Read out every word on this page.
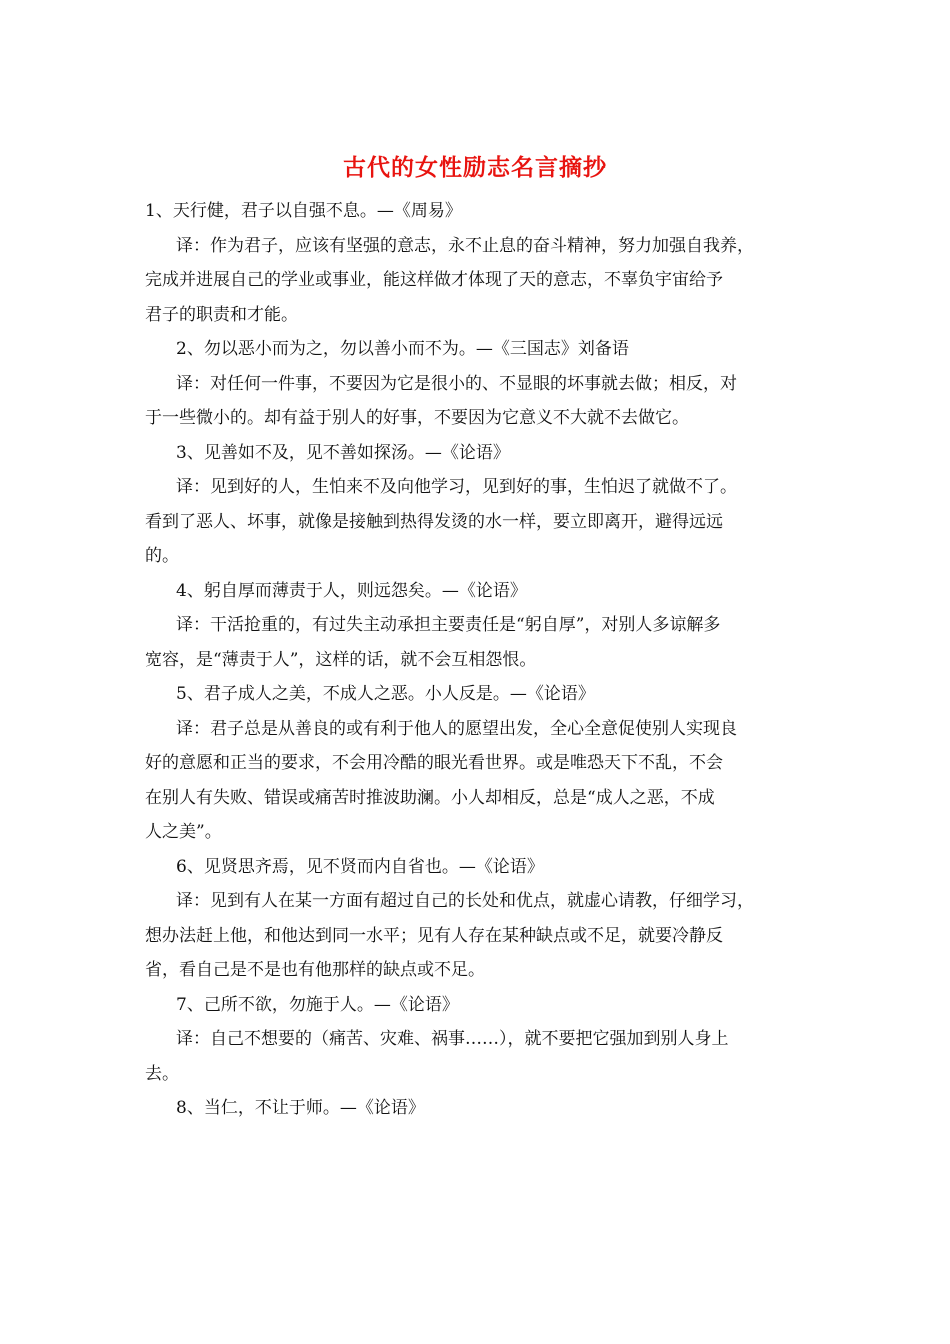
古代的女性励志名言摘抄
1、天行健，君子以自强不息。—《周易》
译：作为君子，应该有坚强的意志，永不止息的奋斗精神，努力加强自我养，
完成并进展自己的学业或事业，能这样做才体现了天的意志，不辜负宇宙给予
君子的职责和才能。
2、勿以恶小而为之，勿以善小而不为。—《三国志》刘备语
译：对任何一件事，不要因为它是很小的、不显眼的坏事就去做；相反，对
于一些微小的。却有益于别人的好事，不要因为它意义不大就不去做它。
3、见善如不及，见不善如探汤。—《论语》
译：见到好的人，生怕来不及向他学习，见到好的事，生怕迟了就做不了。
看到了恶人、坏事，就像是接触到热得发烫的水一样，要立即离开，避得远远
的。
4、躬自厚而薄责于人，则远怨矣。—《论语》
译：干活抢重的，有过失主动承担主要责任是“躬自厚”，对别人多谅解多
宽容，是“薄责于人”，这样的话，就不会互相怨恨。
5、君子成人之美，不成人之恶。小人反是。—《论语》
译：君子总是从善良的或有利于他人的愿望出发，全心全意促使别人实现良
好的意愿和正当的要求，不会用冷酷的眼光看世界。或是唯恐天下不乱，不会
在别人有失败、错误或痛苦时推波助澜。小人却相反，总是“成人之恶，不成
人之美”。
6、见贤思齐焉，见不贤而内自省也。—《论语》
译：见到有人在某一方面有超过自己的长处和优点，就虚心请教，仔细学习，
想办法赶上他，和他达到同一水平；见有人存在某种缺点或不足，就要冷静反
省，看自己是不是也有他那样的缺点或不足。
7、己所不欲，勿施于人。—《论语》
译：自己不想要的（痛苦、灾难、祸事……），就不要把它强加到别人身上
去。
8、当仁，不让于师。—《论语》
